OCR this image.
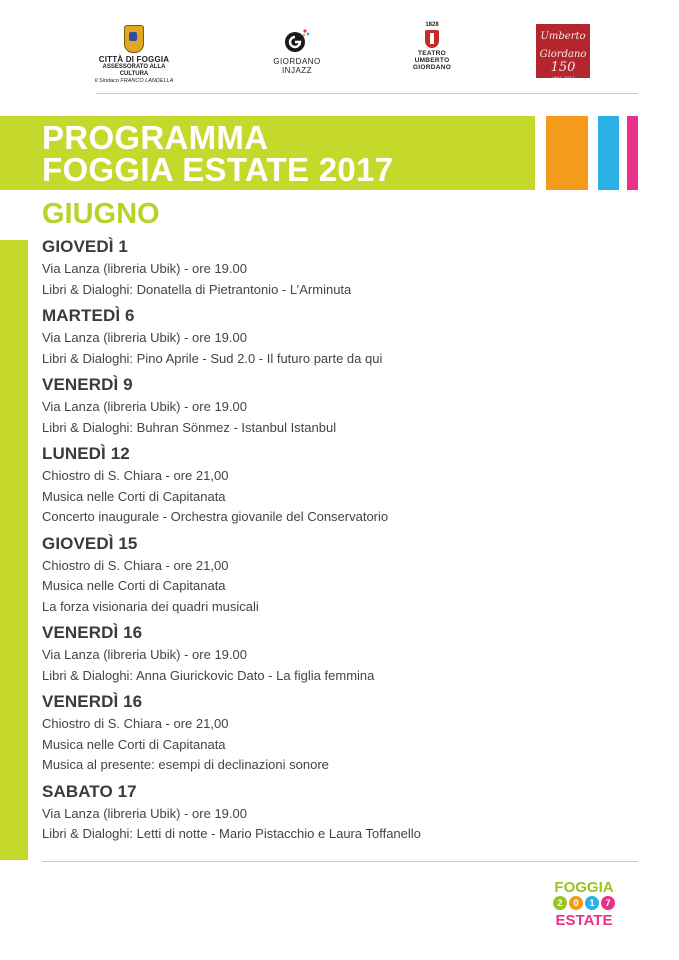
CITTÀ DI FOGGIA
ASSESSORATO ALLA CULTURA
Il Sindaco FRANCO LANDELLA
GIORDANO
INJAZZ
1828
TEATRO
UMBERTO
GIORDANO
Umberto
Giordano
150
1867-2017
PROGRAMMA
FOGGIA ESTATE 2017
GIUGNO
GIOVEDÌ 1
Via Lanza (libreria Ubik) - ore 19.00
Libri & Dialoghi: Donatella di Pietrantonio - L’Arminuta
MARTEDÌ 6
Via Lanza (libreria Ubik) - ore 19.00
Libri & Dialoghi: Pino Aprile - Sud 2.0 - Il futuro parte da qui
VENERDÌ 9
Via Lanza (libreria Ubik) - ore 19.00
Libri & Dialoghi: Buhran Sönmez - Istanbul Istanbul
LUNEDÌ 12
Chiostro di S. Chiara - ore 21,00
Musica nelle Corti di Capitanata
Concerto inaugurale - Orchestra giovanile del Conservatorio
GIOVEDÌ 15
Chiostro di S. Chiara - ore 21,00
Musica nelle Corti di Capitanata
La forza visionaria dei quadri musicali
VENERDÌ 16
Via Lanza (libreria Ubik) - ore 19.00
Libri & Dialoghi: Anna Giurickovic Dato - La figlia femmina
VENERDÌ 16
Chiostro di S. Chiara - ore 21,00
Musica nelle Corti di Capitanata
Musica al presente: esempi di declinazioni sonore
SABATO 17
Via Lanza (libreria Ubik) - ore 19.00
Libri & Dialoghi: Letti di notte - Mario Pistacchio e Laura Toffanello
FOGGIA
2	0	1	7
ESTATE
